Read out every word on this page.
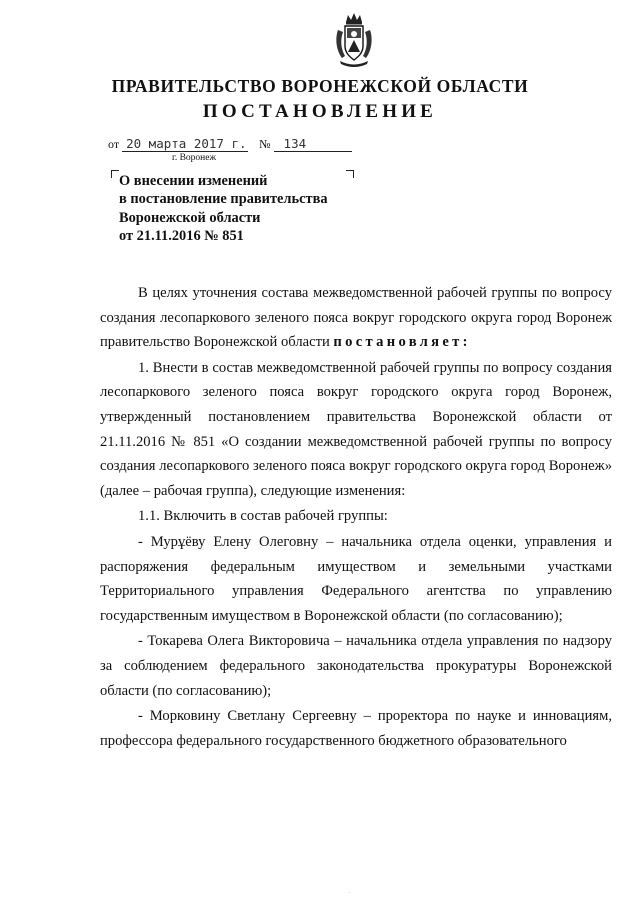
ПРАВИТЕЛЬСТВО ВОРОНЕЖСКОЙ ОБЛАСТИ
ПОСТАНОВЛЕНИЕ
от 20 марта 2017 г. № 134
г. Воронеж
О внесении изменений
в постановление правительства
Воронежской области
от 21.11.2016 № 851

В целях уточнения состава межведомственной рабочей группы по вопросу создания лесопаркового зеленого пояса вокруг городского округа город Воронеж правительство Воронежской области постановляет:

1. Внести в состав межведомственной рабочей группы по вопросу создания лесопаркового зеленого пояса вокруг городского округа город Воронеж, утвержденный постановлением правительства Воронежской области от 21.11.2016 № 851 «О создании межведомственной рабочей группы по вопросу создания лесопаркового зеленого пояса вокруг городского округа город Воронеж» (далее – рабочая группа), следующие изменения:

1.1. Включить в состав рабочей группы:

- Мурұёву Елену Олеговну – начальника отдела оценки, управления и распоряжения федеральным имуществом и земельными участками Территориального управления Федерального агентства по управлению государственным имуществом в Воронежской области (по согласованию);

- Токарева Олега Викторовича – начальника отдела управления по надзору за соблюдением федерального законодательства прокуратуры Воронежской области (по согласованию);

- Морковину Светлану Сергеевну – проректора по науке и инновациям, профессора федерального государственного бюджетного образовательного

.
